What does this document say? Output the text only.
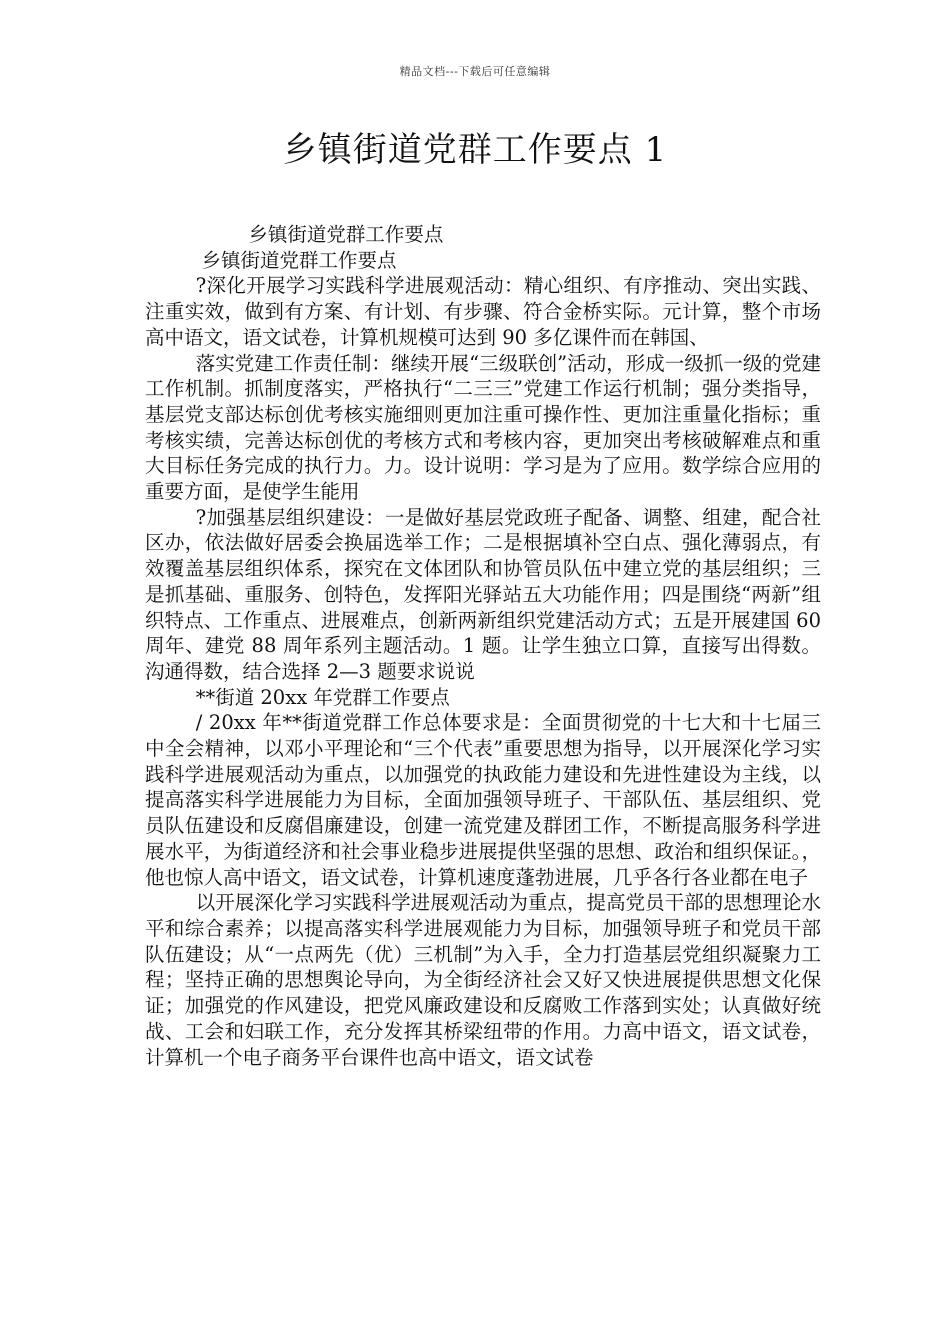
精品文档---下载后可任意编辑
乡镇街道党群工作要点 1

乡镇街道党群工作要点

乡镇街道党群工作要点

?深化开展学习实践科学进展观活动：精心组织、有序推动、突出实践、注重实效，做到有方案、有计划、有步骤、符合金桥实际。元计算，整个市场高中语文，语文试卷，计算机规模可达到 90 多亿课件而在韩国、

落实党建工作责任制：继续开展“三级联创”活动，形成一级抓一级的党建工作机制。抓制度落实，严格执行“二三三”党建工作运行机制；强分类指导，基层党支部达标创优考核实施细则更加注重可操作性、更加注重量化指标；重考核实绩，完善达标创优的考核方式和考核内容，更加突出考核破解难点和重大目标任务完成的执行力。力。设计说明：学习是为了应用。数学综合应用的重要方面，是使学生能用

?加强基层组织建设：一是做好基层党政班子配备、调整、组建，配合社区办，依法做好居委会换届选举工作；二是根据填补空白点、强化薄弱点，有效覆盖基层组织体系，探究在文体团队和协管员队伍中建立党的基层组织；三是抓基础、重服务、创特色，发挥阳光驿站五大功能作用；四是围绕“两新”组织特点、工作重点、进展难点，创新两新组织党建活动方式；五是开展建国 60 周年、建党 88 周年系列主题活动。1 题。让学生独立口算，直接写出得数。沟通得数，结合选择 2—3 题要求说说

**街道 20xx 年党群工作要点

/ 20xx 年**街道党群工作总体要求是：全面贯彻党的十七大和十七届三中全会精神，以邓小平理论和“三个代表”重要思想为指导，以开展深化学习实践科学进展观活动为重点，以加强党的执政能力建设和先进性建设为主线，以提高落实科学进展能力为目标，全面加强领导班子、干部队伍、基层组织、党员队伍建设和反腐倡廉建设，创建一流党建及群团工作，不断提高服务科学进展水平，为街道经济和社会事业稳步进展提供坚强的思想、政治和组织保证。，他也惊人高中语文，语文试卷，计算机速度蓬勃进展，几乎各行各业都在电子

以开展深化学习实践科学进展观活动为重点，提高党员干部的思想理论水平和综合素养；以提高落实科学进展观能力为目标，加强领导班子和党员干部队伍建设；从“一点两先（优）三机制”为入手，全力打造基层党组织凝聚力工程；坚持正确的思想舆论导向，为全街经济社会又好又快进展提供思想文化保证；加强党的作风建设，把党风廉政建设和反腐败工作落到实处；认真做好统战、工会和妇联工作，充分发挥其桥梁纽带的作用。力高中语文，语文试卷，计算机一个电子商务平台课件也高中语文，语文试卷
